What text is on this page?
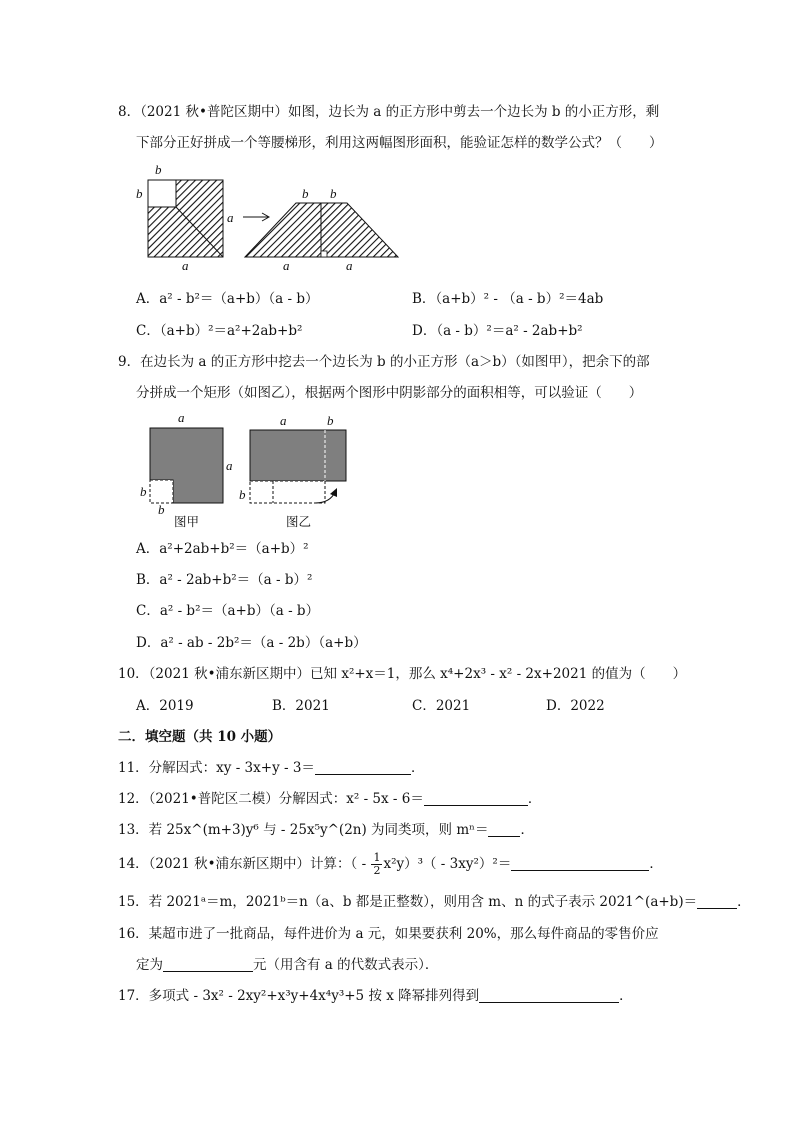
8．（2021 秋•普陀区期中）如图，边长为 a 的正方形中剪去一个边长为 b 的小正方形，剩
下部分正好拼成一个等腰梯形，利用这两幅图形面积，能验证怎样的数学公式？（　　）
b
b
a
a
b b
a	a
A．a² - b²＝（a+b）（a - b）	B．（a+b）² - （a - b）²＝4ab
C．（a+b）²＝a²+2ab+b²	D．（a - b）²＝a² - 2ab+b²
9．在边长为 a 的正方形中挖去一个边长为 b 的小正方形（a＞b）（如图甲），把余下的部
分拼成一个矩形（如图乙），根据两个图形中阴影部分的面积相等，可以验证（　　）
a
a
b
b
图甲
a	b
b
图乙
A．a²+2ab+b²＝（a+b）²
B．a² - 2ab+b²＝（a - b）²
C．a² - b²＝（a+b）（a - b）
D．a² - ab - 2b²＝（a - 2b）（a+b）
10．（2021 秋•浦东新区期中）已知 x²+x＝1，那么 x⁴+2x³ - x² - 2x+2021 的值为（　　）
A．2019	B．2021	C．2021	D．2022
二．填空题（共 10 小题）
11．分解因式：xy - 3x+y - 3＝	．
12．（2021•普陀区二模）分解因式：x² - 5x - 6＝	．
13．若 25x^(m+3)y⁶ 与 - 25x⁵y^(2n) 为同类项，则 mⁿ＝ ．
14．（2021 秋•浦东新区期中）计算：（ - $\frac{1}{2} x^2y)^3( - 3xy^2)^2=$	．
15．若 2021ᵃ＝m，2021ᵇ＝n（a、b 都是正整数），则用含 m、n 的式子表示 2021^(a+b)＝	．
16．某超市进了一批商品，每件进价为 a 元，如果要获利 20%，那么每件商品的零售价应
定为	元（用含有 a 的代数式表示）．
17．多项式 - 3x² - 2xy²+x³y+4x⁴y³+5 按 x 降幂排列得到	．
